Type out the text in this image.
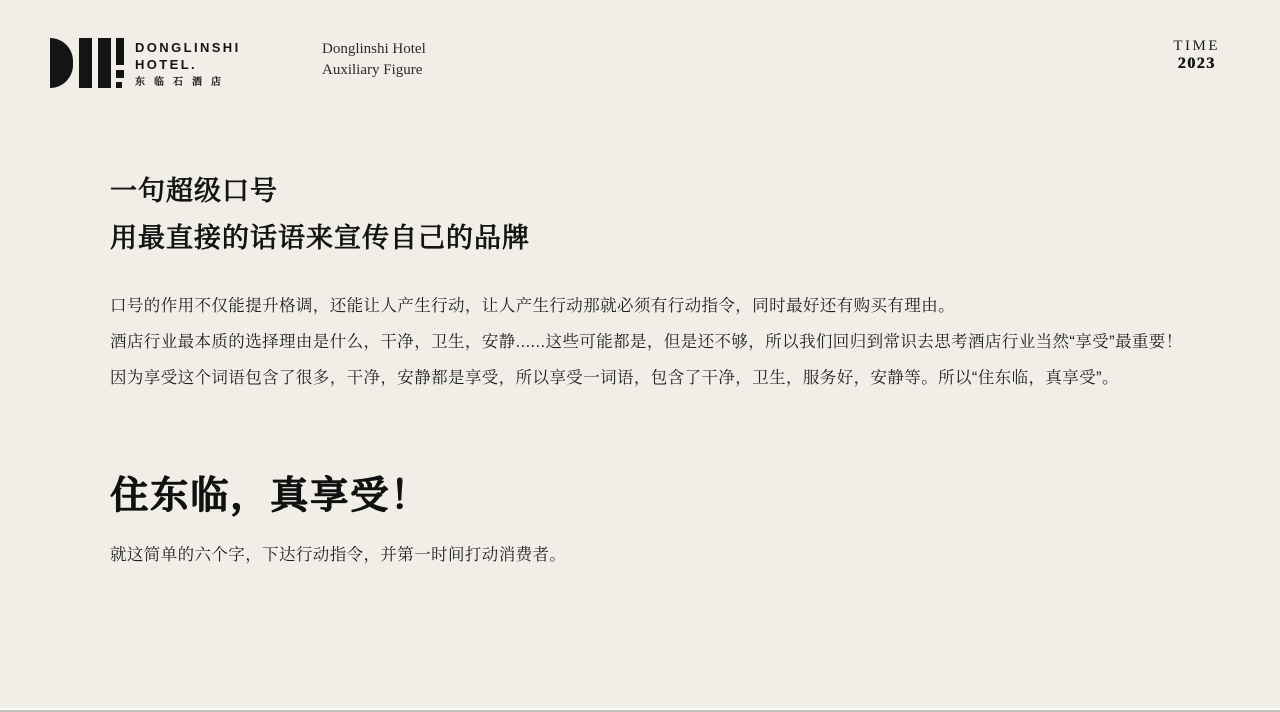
DONGLINSHI
HOTEL.
东临石酒店
Donglinshi Hotel
Auxiliary Figure
TIME
2023
一句超级口号
用最直接的话语来宣传自己的品牌
口号的作用不仅能提升格调，还能让人产生行动，让人产生行动那就必须有行动指令，同时最好还有购买有理由。
酒店行业最本质的选择理由是什么，干净，卫生，安静......这些可能都是，但是还不够，所以我们回归到常识去思考酒店行业当然“享受”最重要！
因为享受这个词语包含了很多，干净，安静都是享受，所以享受一词语，包含了干净，卫生，服务好，安静等。所以“住东临，真享受”。
住东临，真享受！
就这简单的六个字，下达行动指令，并第一时间打动消费者。
